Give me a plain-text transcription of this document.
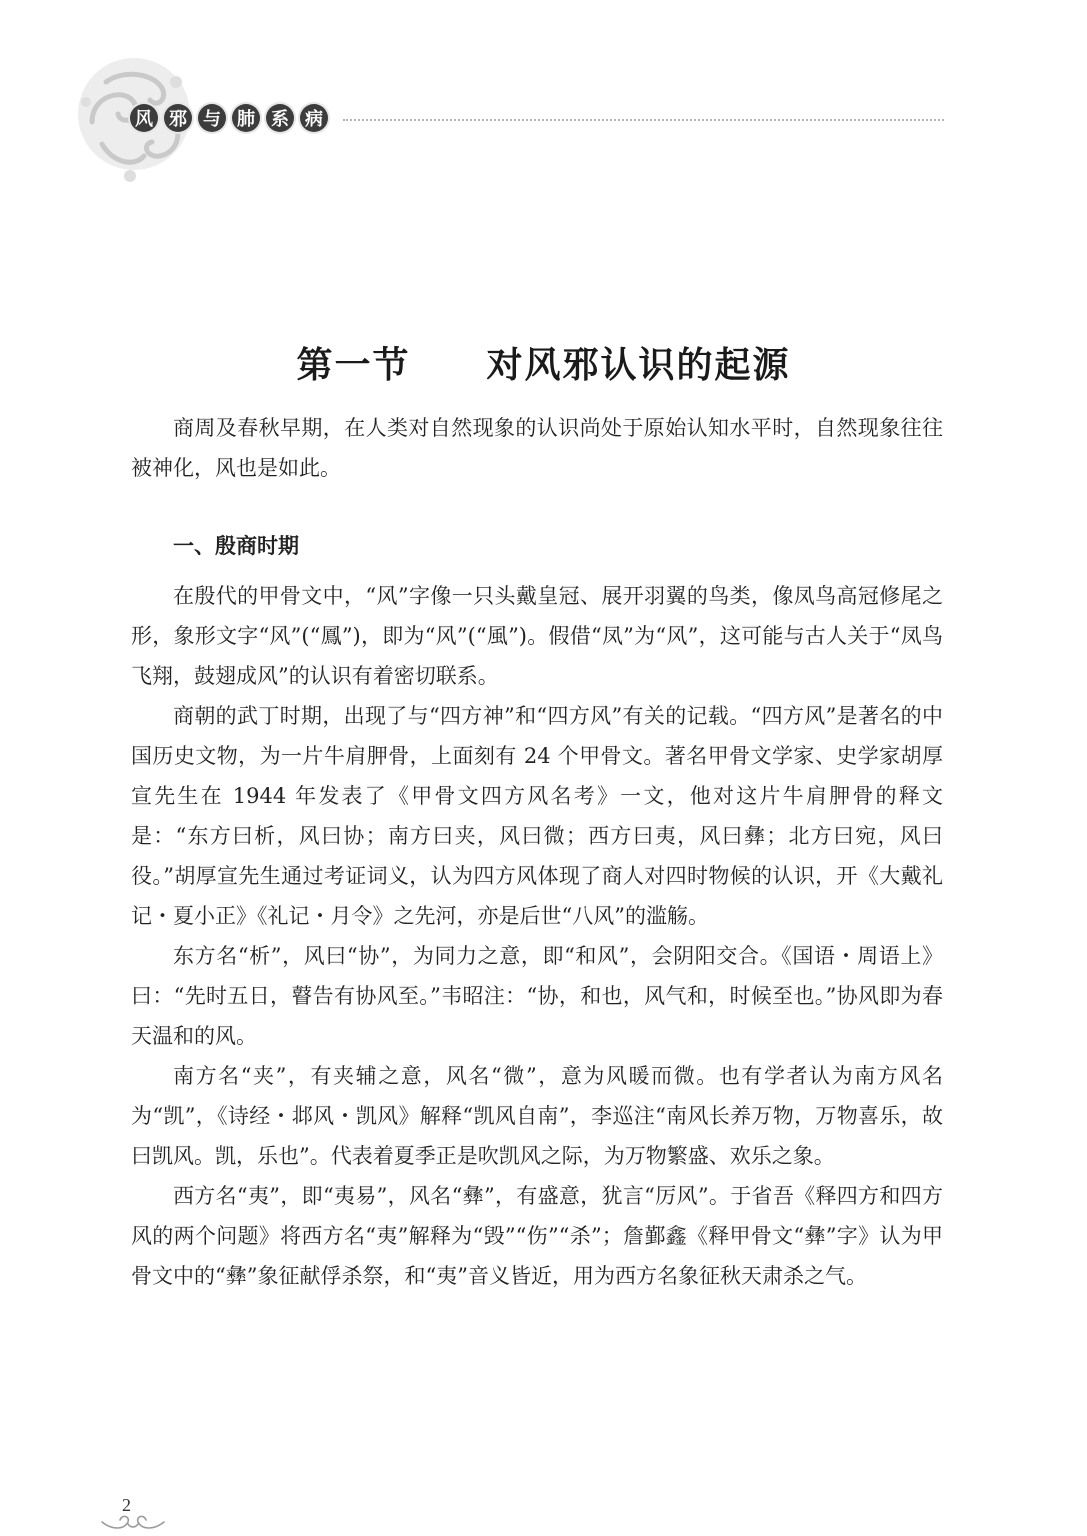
风 邪 与 肺 系 病
第一节　　对风邪认识的起源

商周及春秋早期，在人类对自然现象的认识尚处于原始认知水平时，自然现象往往被神化，风也是如此。

一、殷商时期

在殷代的甲骨文中，“风”字像一只头戴皇冠、展开羽翼的鸟类，像凤鸟高冠修尾之形，象形文字“风”(“鳳”)，即为“风”(“風”)。假借“凤”为“风”，这可能与古人关于“凤鸟飞翔，鼓翅成风”的认识有着密切联系。

商朝的武丁时期，出现了与“四方神”和“四方风”有关的记载。“四方风”是著名的中国历史文物，为一片牛肩胛骨，上面刻有 24 个甲骨文。著名甲骨文学家、史学家胡厚宣先生在 1944 年发表了《甲骨文四方风名考》一文，他对这片牛肩胛骨的释文是：“东方曰析，风曰协；南方曰夹，风曰微；西方曰夷，风曰彝；北方曰宛，风曰役。”胡厚宣先生通过考证词义，认为四方风体现了商人对四时物候的认识，开《大戴礼记・夏小正》《礼记・月令》之先河，亦是后世“八风”的滥觞。

东方名“析”，风曰“协”，为同力之意，即“和风”，会阴阳交合。《国语・周语上》曰：“先时五日，瞽告有协风至。”韦昭注：“协，和也，风气和，时候至也。”协风即为春天温和的风。

南方名“夹”，有夹辅之意，风名“微”，意为风暖而微。也有学者认为南方风名为“凯”，《诗经・邶风・凯风》解释“凯风自南”，李巡注“南风长养万物，万物喜乐，故曰凯风。凯，乐也”。代表着夏季正是吹凯风之际，为万物繁盛、欢乐之象。

西方名“夷”，即“夷易”，风名“彝”，有盛意，犹言“厉风”。于省吾《释四方和四方风的两个问题》将西方名“夷”解释为“毁”“伤”“杀”；詹鄞鑫《释甲骨文“彝”字》认为甲骨文中的“彝”象征献俘杀祭，和“夷”音义皆近，用为西方名象征秋天肃杀之气。

2
